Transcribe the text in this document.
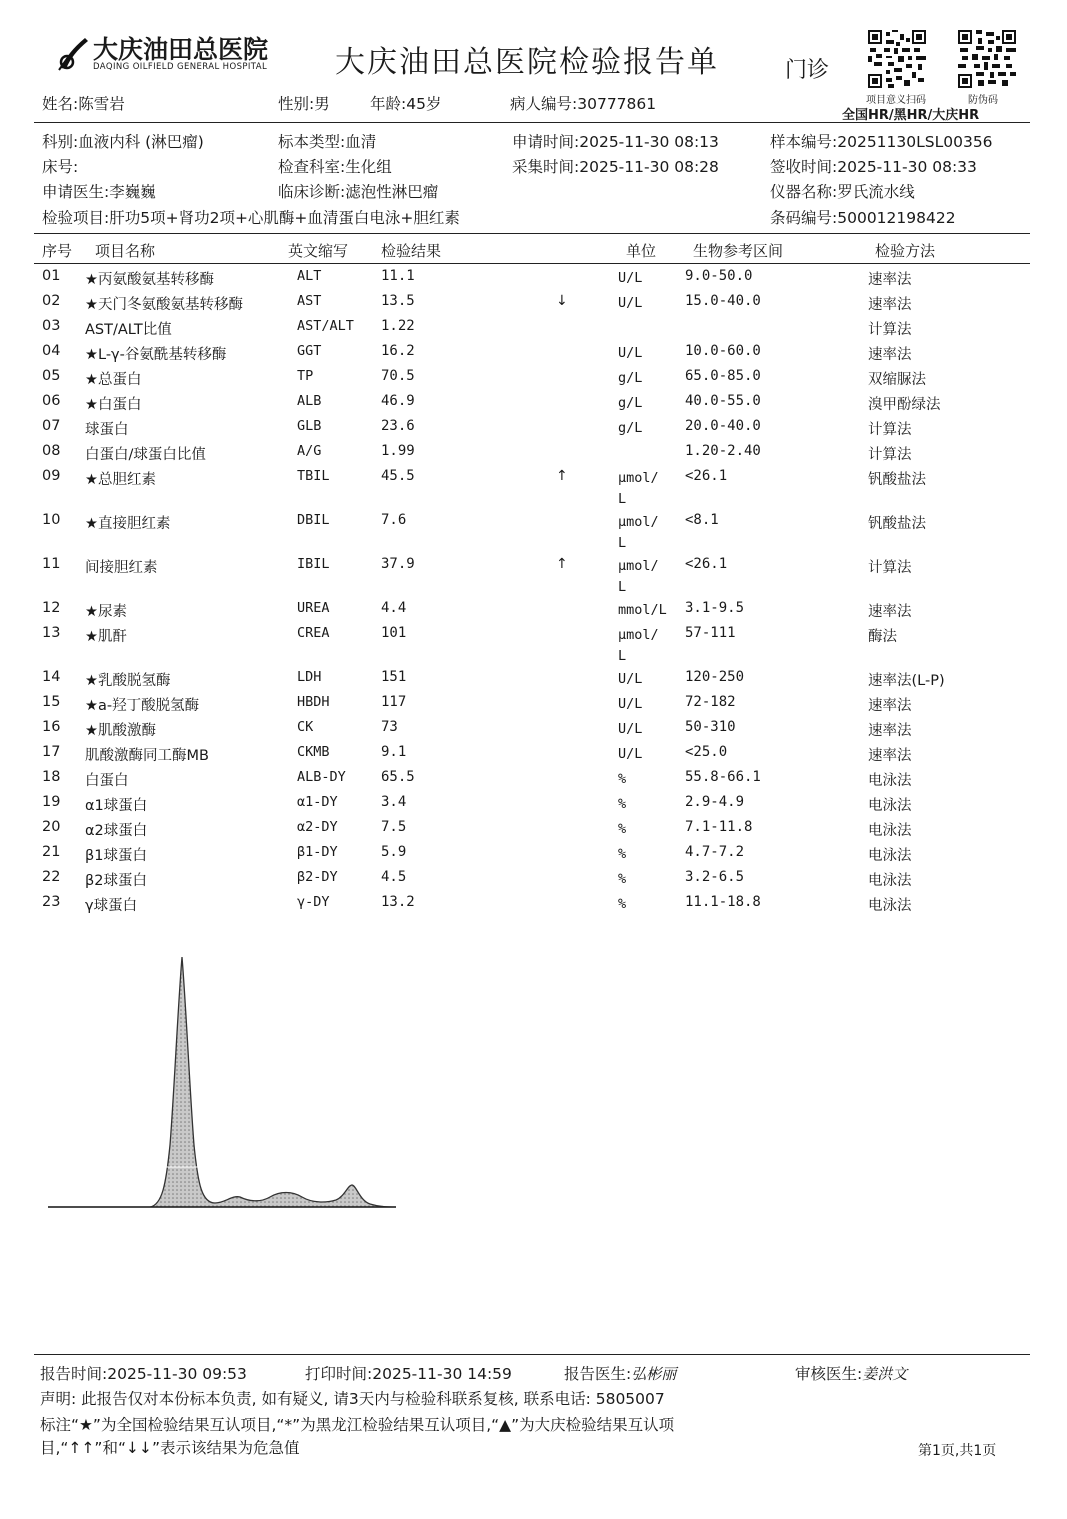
大庆油田总医院
DAQING OILFIELD GENERAL HOSPITAL 大庆油田总医院检验报告单	门诊
项目意义扫码	防伪码
全国HR/黑HR/大庆HR
姓名:陈雪岩	性别:男	年龄:45岁	病人编号:30777861
科别:血液内科 (淋巴瘤)	标本类型:血清	申请时间:2025-11-30 08:13	样本编号:20251130LSL00356
床号:	检查科室:生化组	采集时间:2025-11-30 08:28	签收时间:2025-11-30 08:33
申请医生:李巍巍	临床诊断:滤泡性淋巴瘤	仪器名称:罗氏流水线
检验项目:肝功5项+肾功2项+心肌酶+血清蛋白电泳+胆红素	条码编号:500012198422
序号 项目名称	英文缩写 检验结果	单位 生物参考区间	检验方法
01 ★丙氨酸氨基转移酶	ALT	11.1	U/L	9.0-50.0	速率法
02 ★天门冬氨酸氨基转移酶	AST	13.5	↓	U/L	15.0-40.0	速率法
03 AST/ALT比值	AST/ALT 1.22	计算法
04 ★L-γ-谷氨酰基转移酶	GGT	16.2	U/L	10.0-60.0	速率法
05 ★总蛋白	TP	70.5	g/L	65.0-85.0	双缩脲法
06 ★白蛋白	ALB	46.9	g/L	40.0-55.0	溴甲酚绿法
07 球蛋白	GLB	23.6	g/L	20.0-40.0	计算法
08 白蛋白/球蛋白比值	A/G	1.99	1.20-2.40	计算法
09 ★总胆红素	TBIL	45.5	↑	μmol/
L
<26.1	钒酸盐法
10 ★直接胆红素	DBIL	7.6	μmol/
L
<8.1	钒酸盐法
11 间接胆红素	IBIL	37.9	↑	μmol/
L
<26.1	计算法
12 ★尿素	UREA	4.4	mmol/L 3.1-9.5	速率法
13 ★肌酐	CREA	101	μmol/
L
57-111	酶法
14 ★乳酸脱氢酶	LDH	151	U/L	120-250	速率法(L-P)
15 ★a-羟丁酸脱氢酶	HBDH	117	U/L	72-182	速率法
16 ★肌酸激酶	CK	73	U/L	50-310	速率法
17 肌酸激酶同工酶MB	CKMB	9.1	U/L	<25.0	速率法
18 白蛋白	ALB-DY	65.5	%	55.8-66.1	电泳法
19 α1球蛋白	α1-DY	3.4	%	2.9-4.9	电泳法
20 α2球蛋白	α2-DY	7.5	%	7.1-11.8	电泳法
21 β1球蛋白	β1-DY	5.9	%	4.7-7.2	电泳法
22 β2球蛋白	β2-DY	4.5	%	3.2-6.5	电泳法
23 γ球蛋白	γ-DY	13.2	%	11.1-18.8	电泳法
报告时间:2025-11-30 09:53	打印时间:2025-11-30 14:59	报告医生:弘彬丽	审核医生:姜洪文
声明: 此报告仅对本份标本负责, 如有疑义, 请3天内与检验科联系复核, 联系电话: 5805007
标注“★”为全国检验结果互认项目,“*”为黑龙江检验结果互认项目,“▲”为大庆检验结果互认项
目,“↑↑”和“↓↓”表示该结果为危急值	第1页,共1页
